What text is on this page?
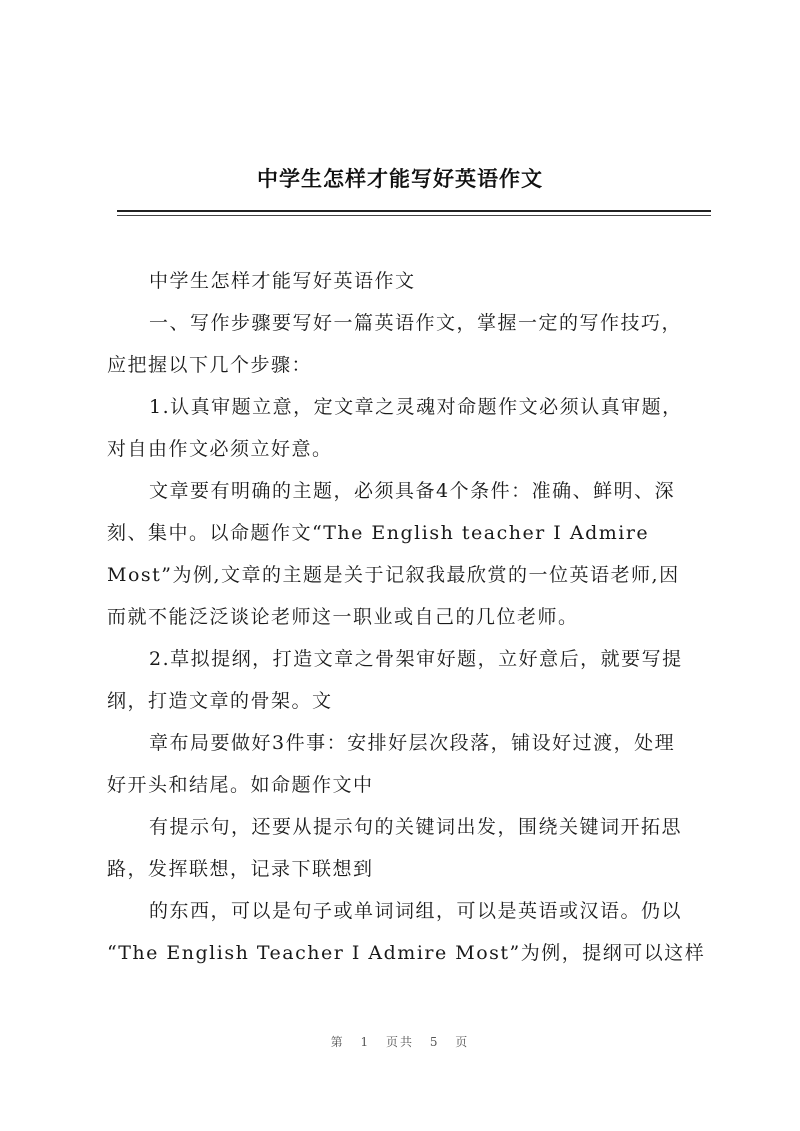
中学生怎样才能写好英语作文
中学生怎样才能写好英语作文
一、写作步骤要写好一篇英语作文，掌握一定的写作技巧，
应把握以下几个步骤：
1.认真审题立意，定文章之灵魂对命题作文必须认真审题，
对自由作文必须立好意。
文章要有明确的主题，必须具备4个条件：准确、鲜明、深
刻、集中。以命题作文“The English teacher I Admire
Most”为例,文章的主题是关于记叙我最欣赏的一位英语老师,因
而就不能泛泛谈论老师这一职业或自己的几位老师。
2.草拟提纲，打造文章之骨架审好题，立好意后，就要写提
纲，打造文章的骨架。文
章布局要做好3件事：安排好层次段落，铺设好过渡，处理
好开头和结尾。如命题作文中
有提示句，还要从提示句的关键词出发，围绕关键词开拓思
路，发挥联想，记录下联想到
的东西，可以是句子或单词词组，可以是英语或汉语。仍以
“The English Teacher I Admire Most”为例，提纲可以这样
第 1 页共 5 页
